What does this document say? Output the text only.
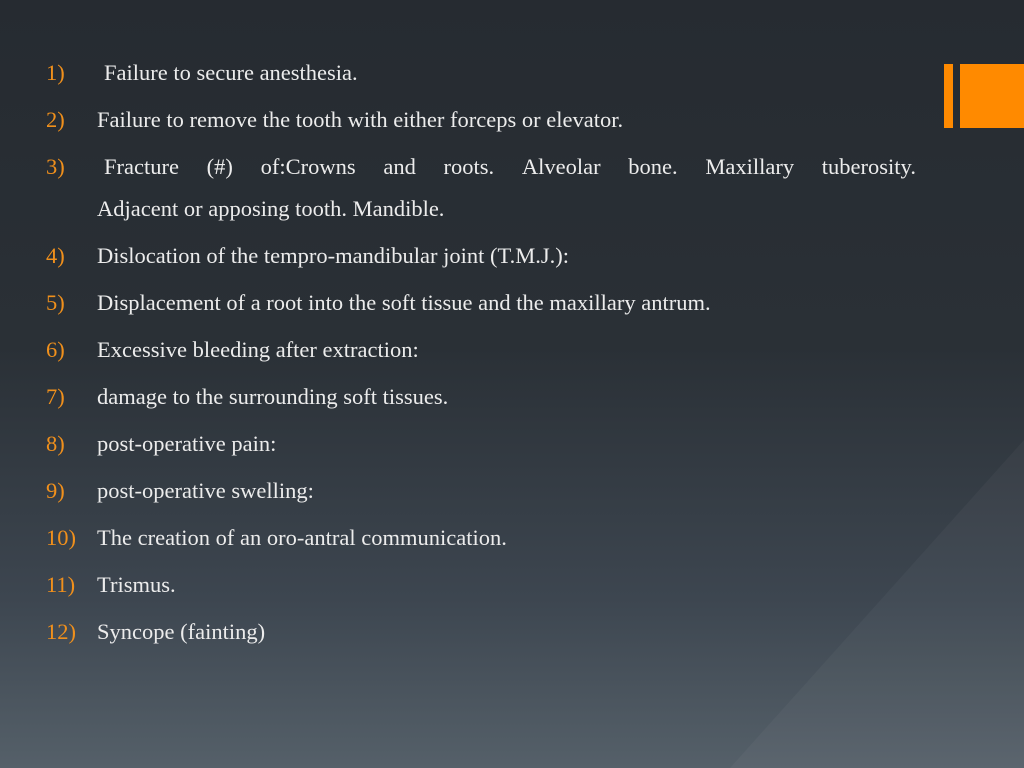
1) Failure to secure anesthesia.
2) Failure to remove the tooth with either forceps or elevator.
3) Fracture (#) of:Crowns and roots. Alveolar bone. Maxillary tuberosity.
Adjacent or apposing tooth. Mandible.
4) Dislocation of the tempro-mandibular joint (T.M.J.):
5) Displacement of a root into the soft tissue and the maxillary antrum.
6) Excessive bleeding after extraction:
7) damage to the surrounding soft tissues.
8) post-operative pain:
9) post-operative swelling:
10) The creation of an oro-antral communication.
11) Trismus.
12) Syncope (fainting)
